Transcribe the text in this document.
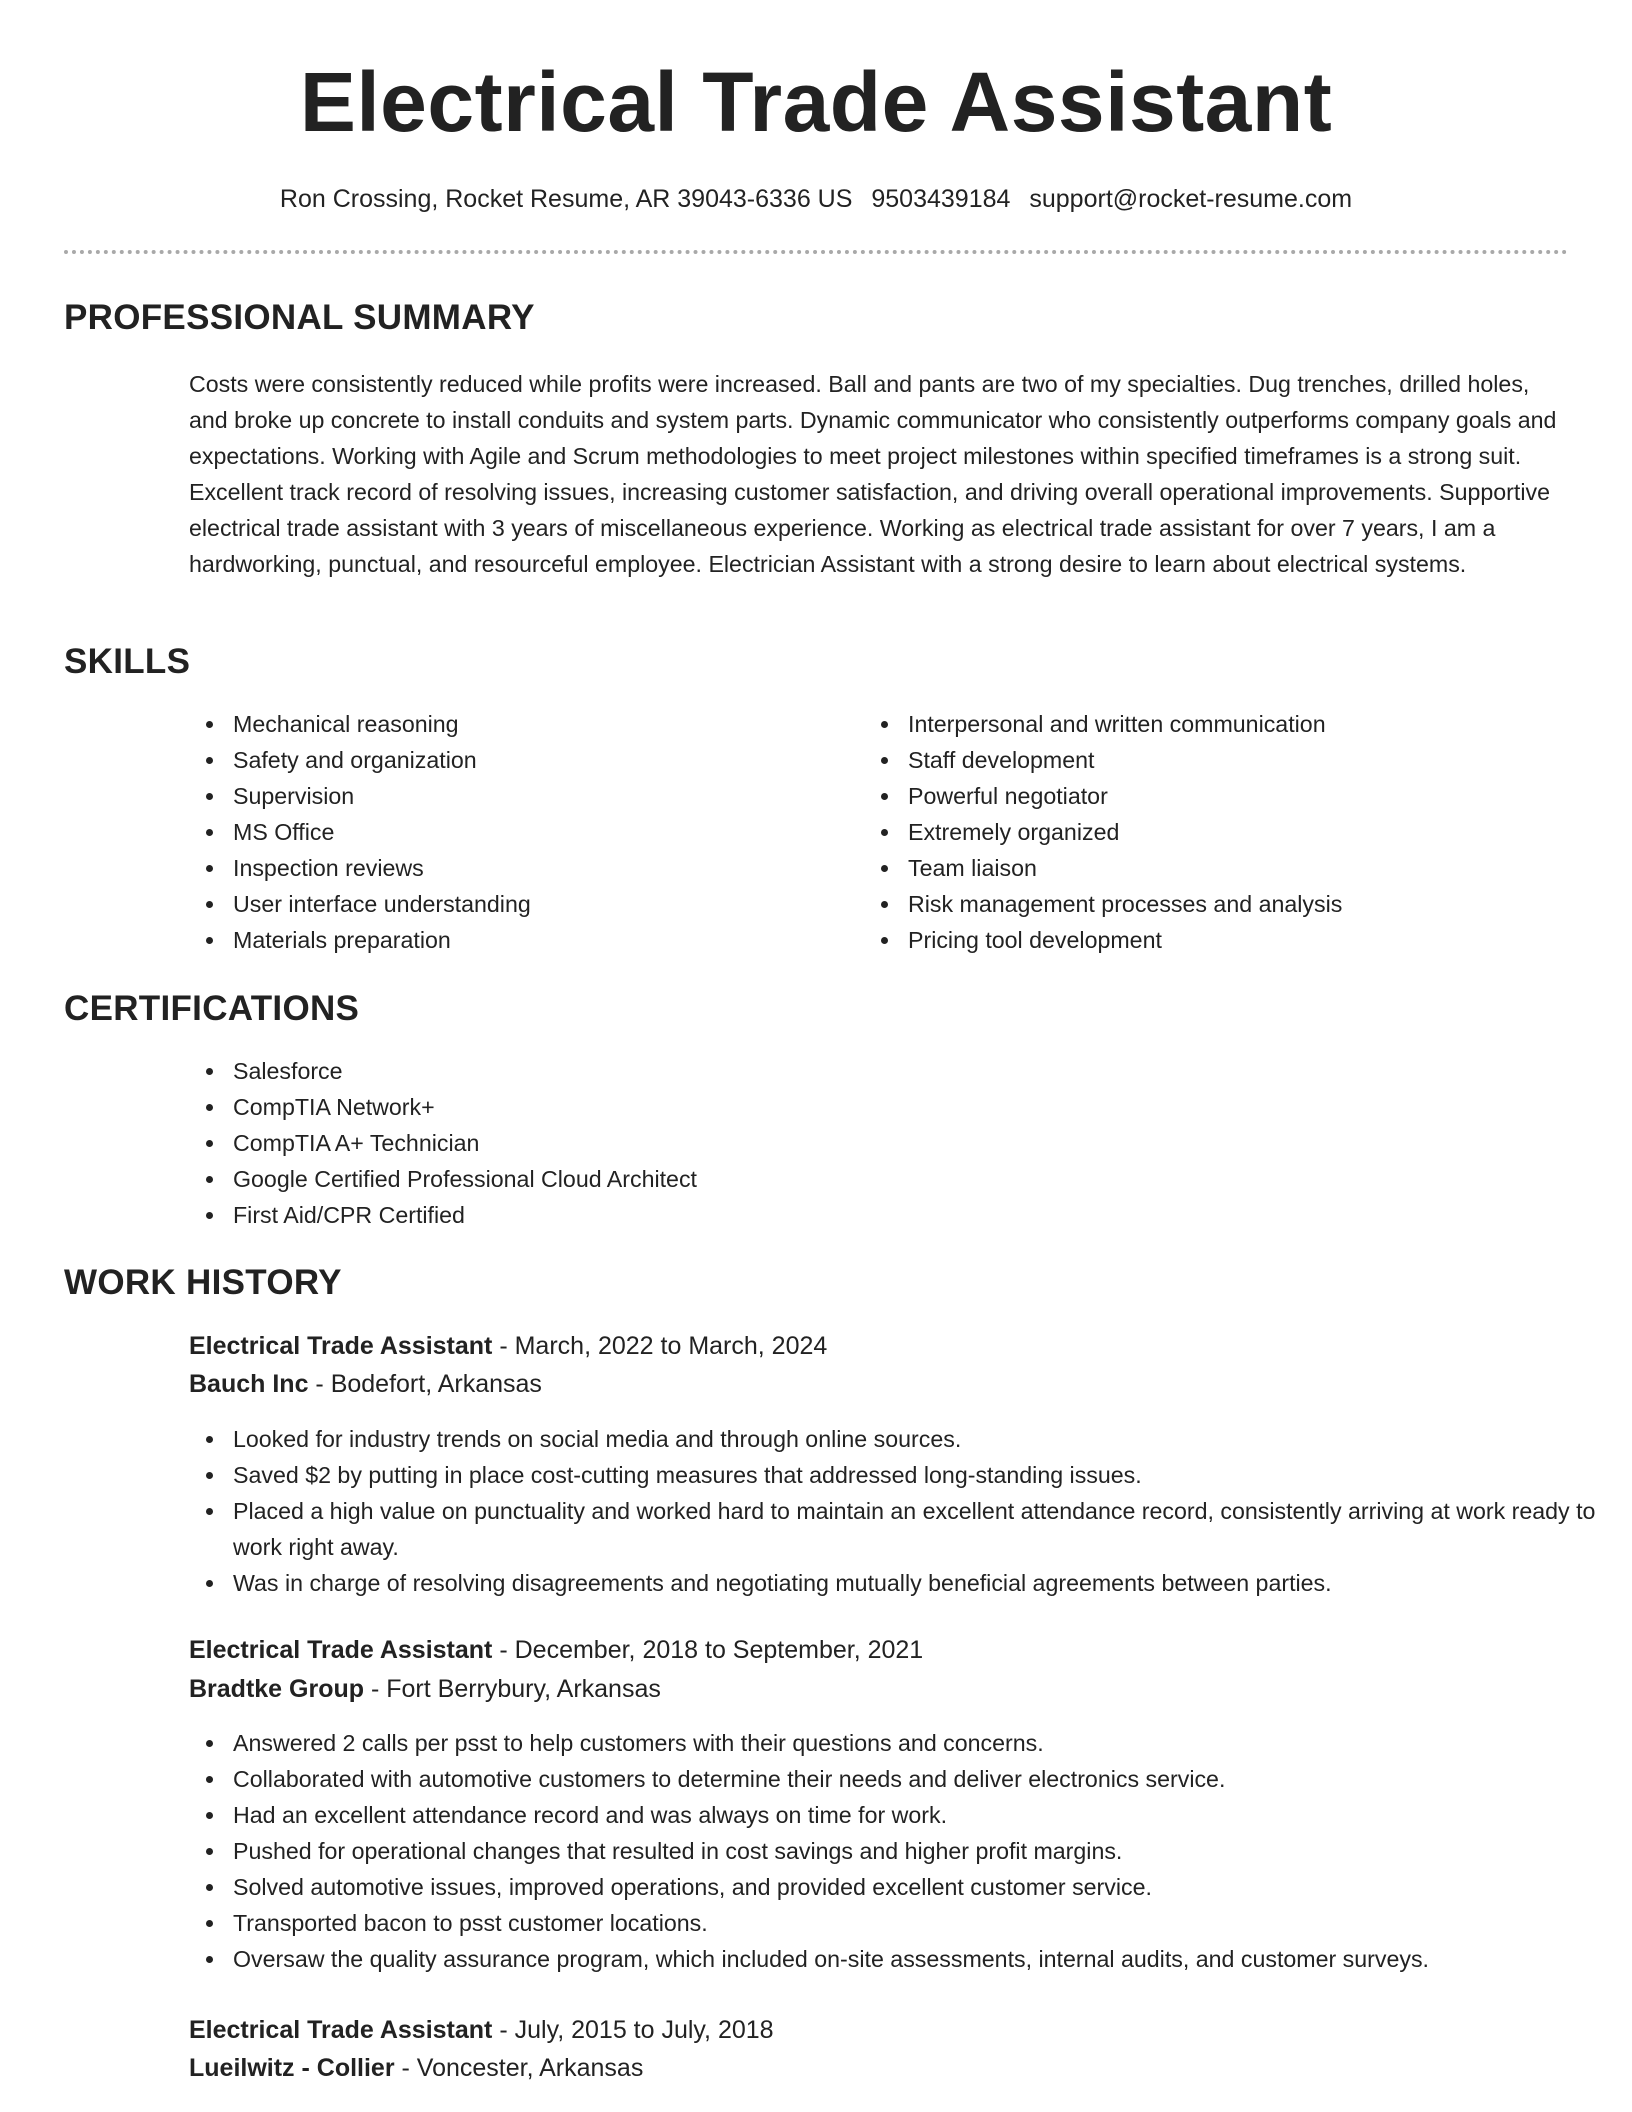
Electrical Trade Assistant
Ron Crossing, Rocket Resume, AR 39043-6336 US 9503439184 support@rocket-resume.com
PROFESSIONAL SUMMARY

Costs were consistently reduced while profits were increased. Ball and pants are two of my specialties. Dug trenches, drilled holes, and broke up concrete to install conduits and system parts. Dynamic communicator who consistently outperforms company goals and expectations. Working with Agile and Scrum methodologies to meet project milestones within specified timeframes is a strong suit. Excellent track record of resolving issues, increasing customer satisfaction, and driving overall operational improvements. Supportive electrical trade assistant with 3 years of miscellaneous experience. Working as electrical trade assistant for over 7 years, I am a hardworking, punctual, and resourceful employee. Electrician Assistant with a strong desire to learn about electrical systems.

SKILLS
Mechanical reasoning
Safety and organization
Supervision
MS Office
Inspection reviews
User interface understanding
Materials preparation
Interpersonal and written communication
Staff development
Powerful negotiator
Extremely organized
Team liaison
Risk management processes and analysis
Pricing tool development
CERTIFICATIONS
Salesforce
CompTIA Network+
CompTIA A+ Technician
Google Certified Professional Cloud Architect
First Aid/CPR Certified
WORK HISTORY
Electrical Trade Assistant - March, 2022 to March, 2024
Bauch Inc - Bodefort, Arkansas
Looked for industry trends on social media and through online sources.
Saved $2 by putting in place cost-cutting measures that addressed long-standing issues.
Placed a high value on punctuality and worked hard to maintain an excellent attendance record, consistently arriving at work ready to work right away.
Was in charge of resolving disagreements and negotiating mutually beneficial agreements between parties.
Electrical Trade Assistant - December, 2018 to September, 2021
Bradtke Group - Fort Berrybury, Arkansas
Answered 2 calls per psst to help customers with their questions and concerns.
Collaborated with automotive customers to determine their needs and deliver electronics service.
Had an excellent attendance record and was always on time for work.
Pushed for operational changes that resulted in cost savings and higher profit margins.
Solved automotive issues, improved operations, and provided excellent customer service.
Transported bacon to psst customer locations.
Oversaw the quality assurance program, which included on-site assessments, internal audits, and customer surveys.
Electrical Trade Assistant - July, 2015 to July, 2018
Lueilwitz - Collier - Voncester, Arkansas
